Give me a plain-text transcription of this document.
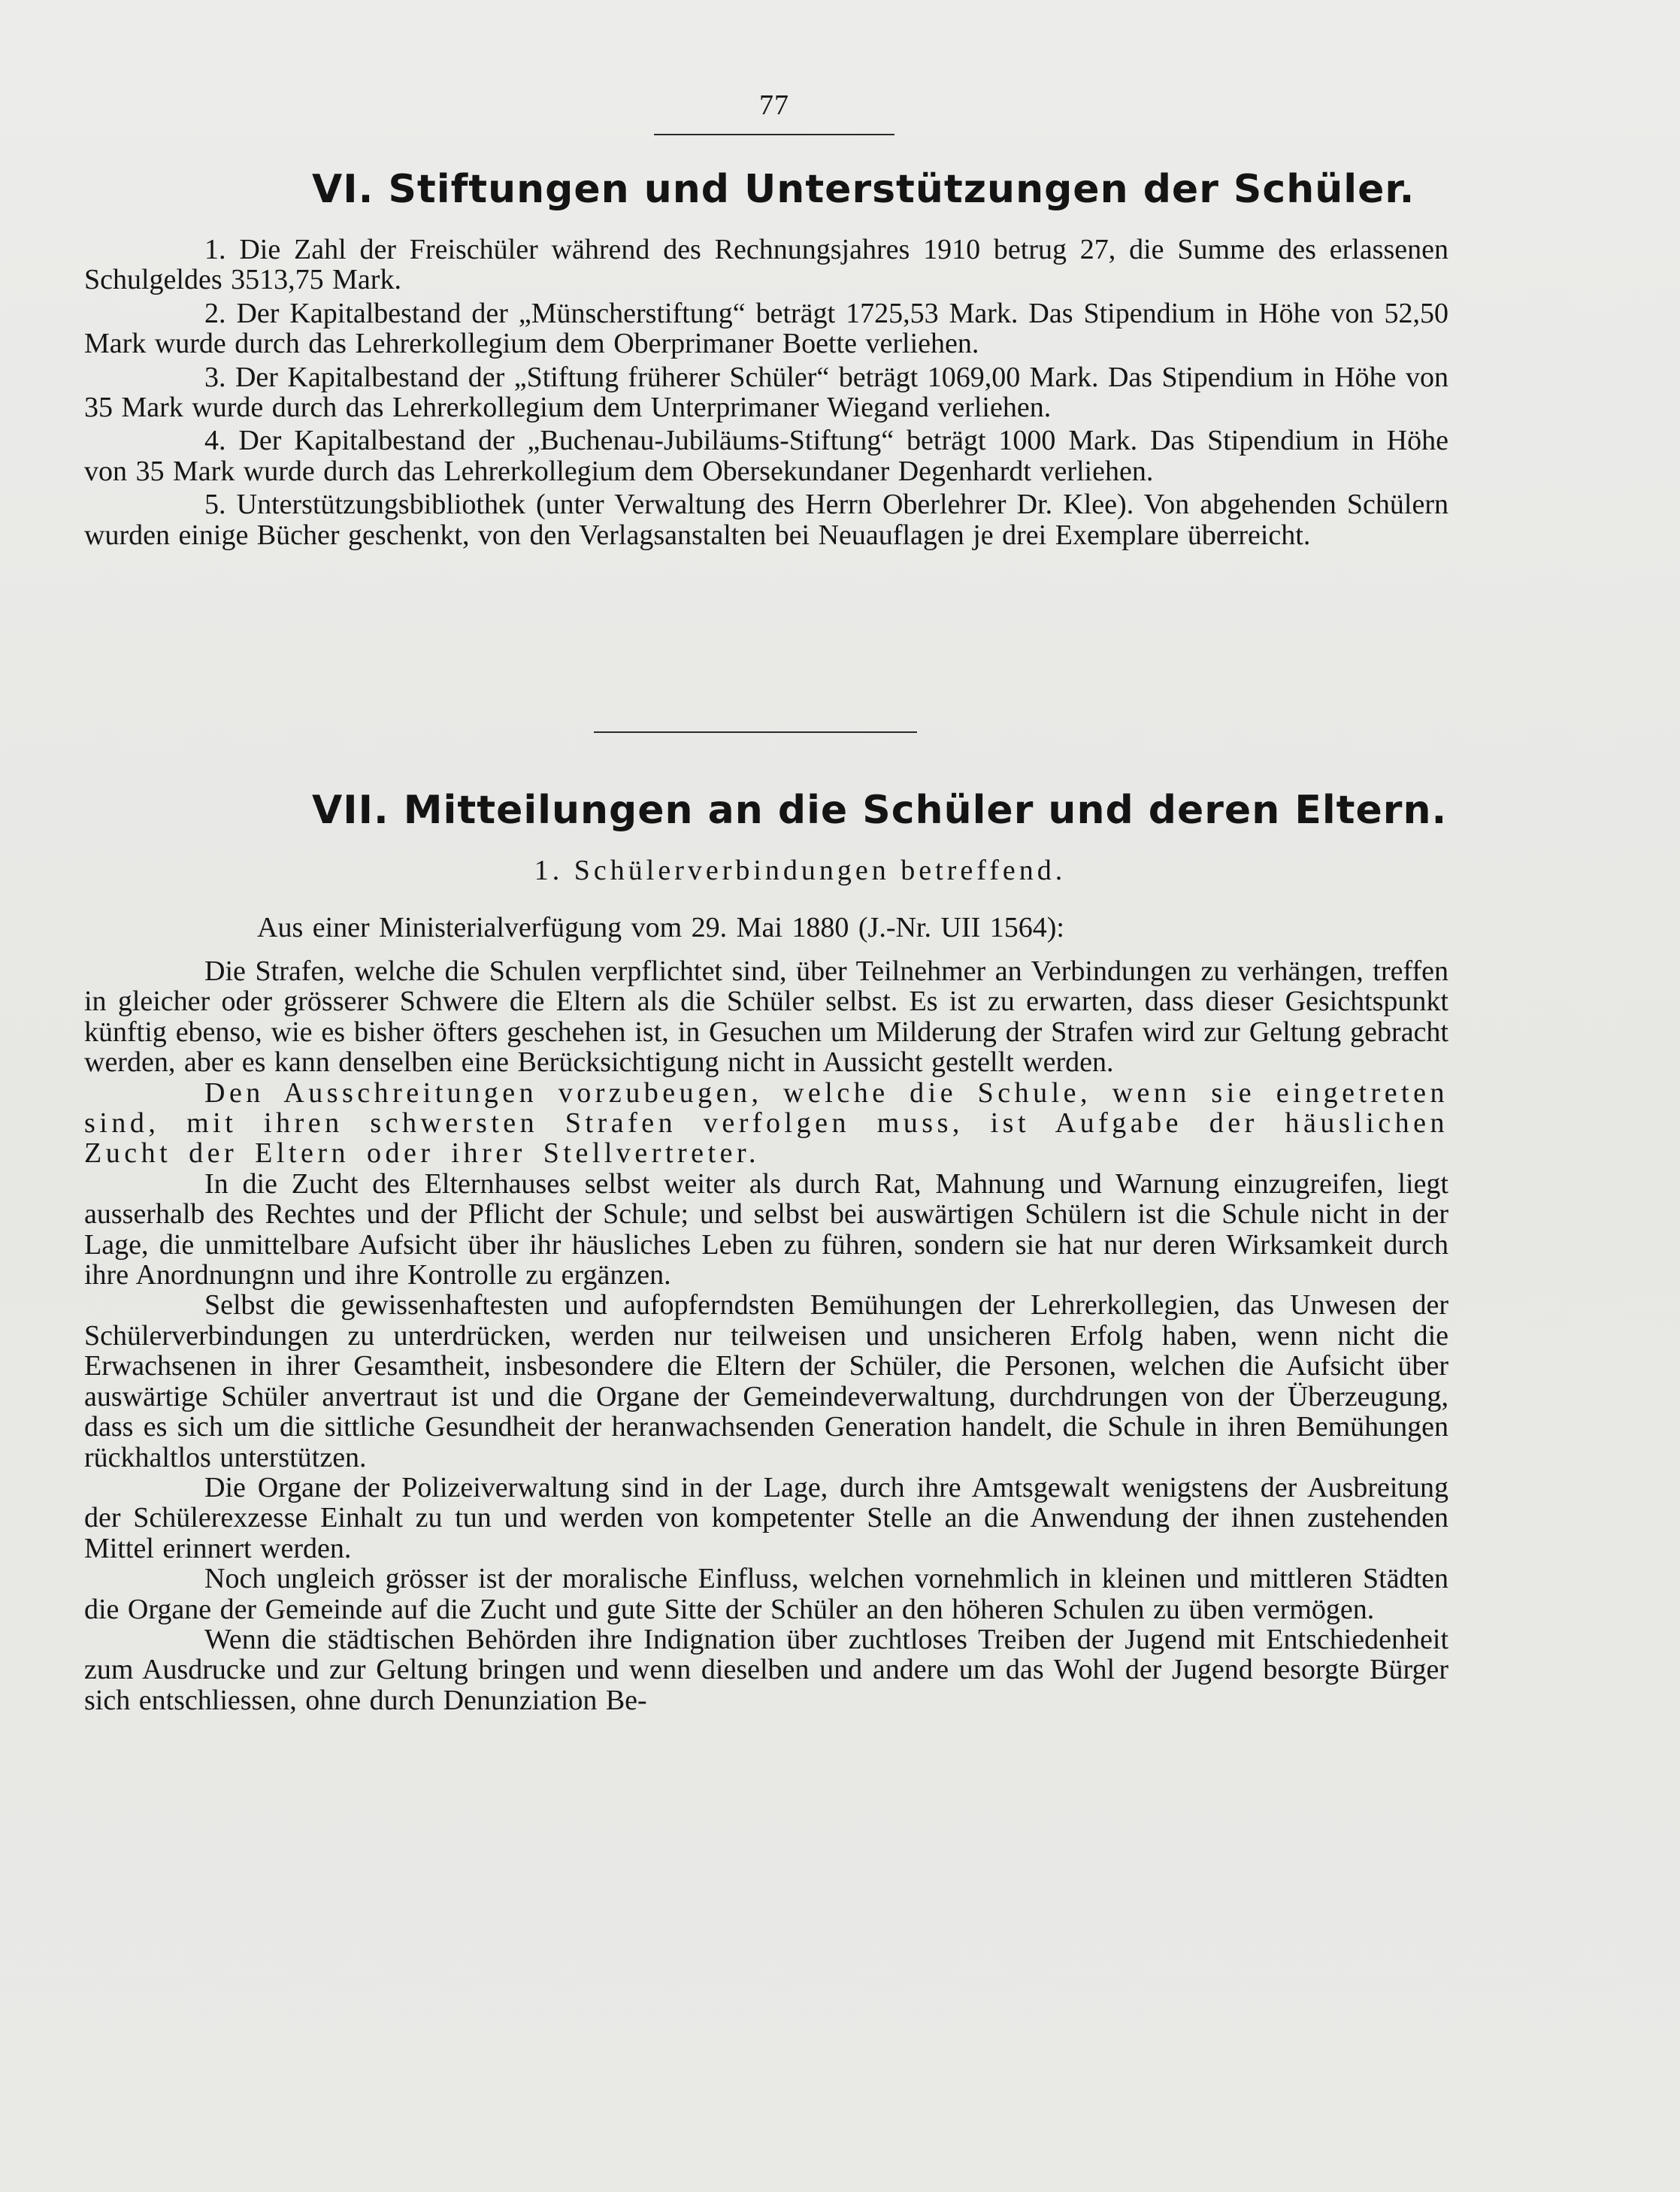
77
VI. Stiftungen und Unterstützungen der Schüler.

1. Die Zahl der Freischüler während des Rechnungsjahres 1910 betrug 27, die Summe des erlassenen Schulgeldes 3513,75 Mark.

2. Der Kapitalbestand der „Münscherstiftung“ beträgt 1725,53 Mark. Das Stipendium in Höhe von 52,50 Mark wurde durch das Lehrerkollegium dem Oberprimaner Boette verliehen.

3. Der Kapitalbestand der „Stiftung früherer Schüler“ beträgt 1069,00 Mark. Das Stipendium in Höhe von 35 Mark wurde durch das Lehrerkollegium dem Unterprimaner Wiegand verliehen.

4. Der Kapitalbestand der „Buchenau-Jubiläums-Stiftung“ beträgt 1000 Mark. Das Stipendium in Höhe von 35 Mark wurde durch das Lehrerkollegium dem Obersekundaner Degenhardt verliehen.

5. Unterstützungsbibliothek (unter Verwaltung des Herrn Oberlehrer Dr. Klee). Von abgehenden Schülern wurden einige Bücher geschenkt, von den Verlagsanstalten bei Neuauflagen je drei Exemplare überreicht.

VII. Mitteilungen an die Schüler und deren Eltern.
1. Schülerverbindungen betreffend.
Aus einer Ministerialverfügung vom 29. Mai 1880 (J.-Nr. UII 1564):

Die Strafen, welche die Schulen verpflichtet sind, über Teilnehmer an Verbindungen zu verhängen, treffen in gleicher oder grösserer Schwere die Eltern als die Schüler selbst. Es ist zu erwarten, dass dieser Gesichtspunkt künftig ebenso, wie es bisher öfters geschehen ist, in Gesuchen um Milderung der Strafen wird zur Geltung gebracht werden, aber es kann denselben eine Berücksichtigung nicht in Aussicht gestellt werden.

Den Ausschreitungen vorzubeugen, welche die Schule, wenn sie eingetreten sind, mit ihren schwersten Strafen verfolgen muss, ist Aufgabe der häuslichen Zucht der Eltern oder ihrer Stellvertreter.

In die Zucht des Elternhauses selbst weiter als durch Rat, Mahnung und Warnung einzugreifen, liegt ausserhalb des Rechtes und der Pflicht der Schule; und selbst bei auswärtigen Schülern ist die Schule nicht in der Lage, die unmittelbare Aufsicht über ihr häusliches Leben zu führen, sondern sie hat nur deren Wirksamkeit durch ihre Anordnungnn und ihre Kontrolle zu ergänzen.

Selbst die gewissenhaftesten und aufopferndsten Bemühungen der Lehrerkollegien, das Unwesen der Schülerverbindungen zu unterdrücken, werden nur teilweisen und unsicheren Erfolg haben, wenn nicht die Erwachsenen in ihrer Gesamtheit, insbesondere die Eltern der Schüler, die Personen, welchen die Aufsicht über auswärtige Schüler anvertraut ist und die Organe der Gemeindeverwaltung, durchdrungen von der Überzeugung, dass es sich um die sittliche Gesundheit der heranwachsenden Generation handelt, die Schule in ihren Bemühungen rückhaltlos unterstützen.

Die Organe der Polizeiverwaltung sind in der Lage, durch ihre Amtsgewalt wenigstens der Ausbreitung der Schülerexzesse Einhalt zu tun und werden von kompetenter Stelle an die Anwendung der ihnen zustehenden Mittel erinnert werden.

Noch ungleich grösser ist der moralische Einfluss, welchen vornehmlich in kleinen und mittleren Städten die Organe der Gemeinde auf die Zucht und gute Sitte der Schüler an den höheren Schulen zu üben vermögen.

Wenn die städtischen Behörden ihre Indignation über zuchtloses Treiben der Jugend mit Entschiedenheit zum Ausdrucke und zur Geltung bringen und wenn dieselben und andere um das Wohl der Jugend besorgte Bürger sich entschliessen, ohne durch Denunziation Be-
